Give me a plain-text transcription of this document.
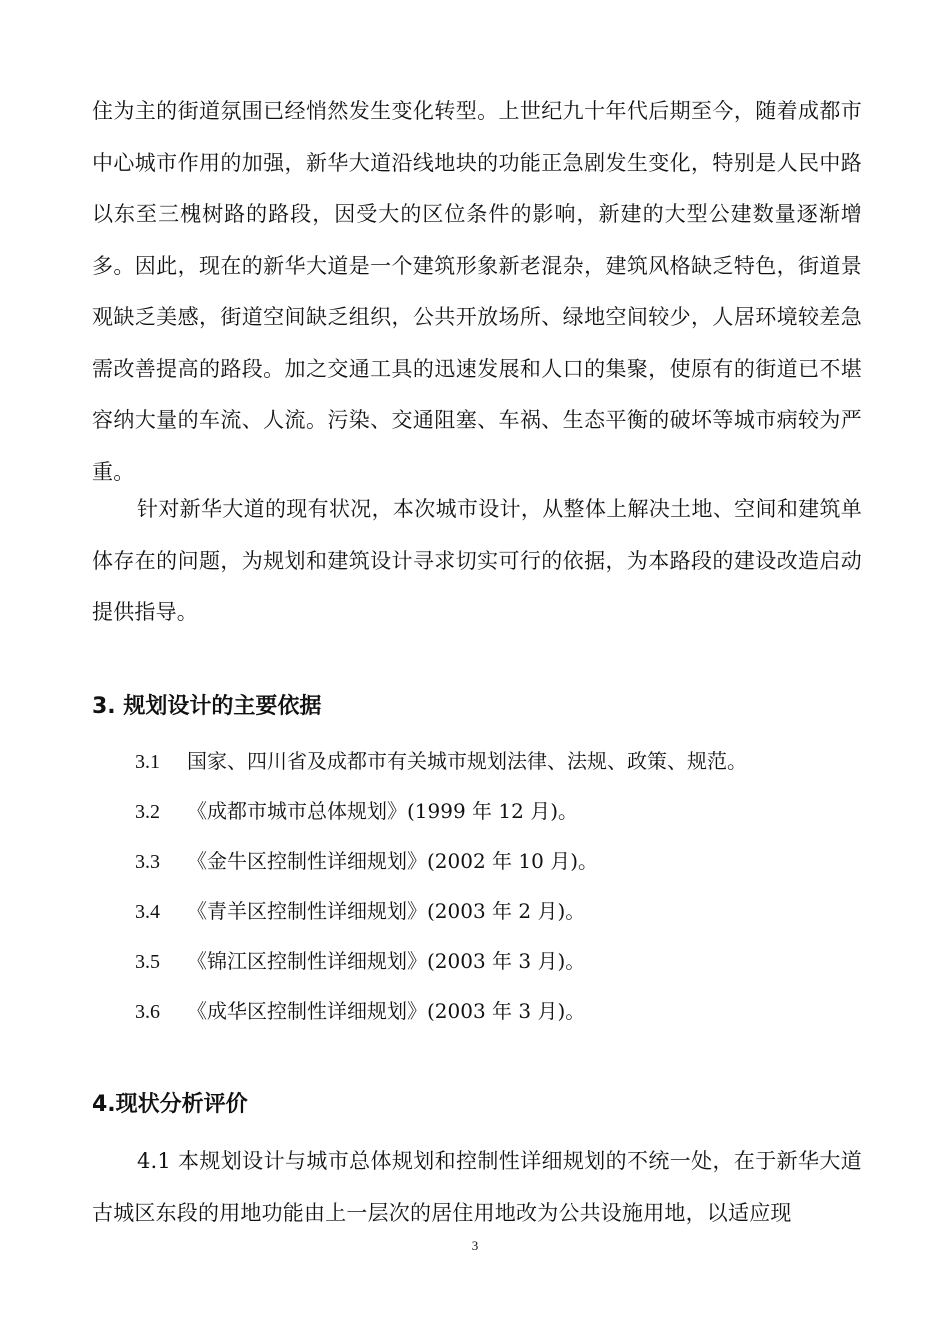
住为主的街道氛围已经悄然发生变化转型。上世纪九十年代后期至今，随着成都市中心城市作用的加强，新华大道沿线地块的功能正急剧发生变化，特别是人民中路以东至三槐树路的路段，因受大的区位条件的影响，新建的大型公建数量逐渐增多。因此，现在的新华大道是一个建筑形象新老混杂，建筑风格缺乏特色，街道景观缺乏美感，街道空间缺乏组织，公共开放场所、绿地空间较少，人居环境较差急需改善提高的路段。加之交通工具的迅速发展和人口的集聚，使原有的街道已不堪容纳大量的车流、人流。污染、交通阻塞、车祸、生态平衡的破坏等城市病较为严重。
针对新华大道的现有状况，本次城市设计，从整体上解决土地、空间和建筑单体存在的问题，为规划和建筑设计寻求切实可行的依据，为本路段的建设改造启动提供指导。
3. 规划设计的主要依据
3.1 国家、四川省及成都市有关城市规划法律、法规、政策、规范。
3.2 《成都市城市总体规划》(1999 年 12 月)。
3.3 《金牛区控制性详细规划》(2002 年 10 月)。
3.4 《青羊区控制性详细规划》(2003 年 2 月)。
3.5 《锦江区控制性详细规划》(2003 年 3 月)。
3.6 《成华区控制性详细规划》(2003 年 3 月)。
4.现状分析评价
4.1 本规划设计与城市总体规划和控制性详细规划的不统一处，在于新华大道古城区东段的用地功能由上一层次的居住用地改为公共设施用地，以适应现
3
